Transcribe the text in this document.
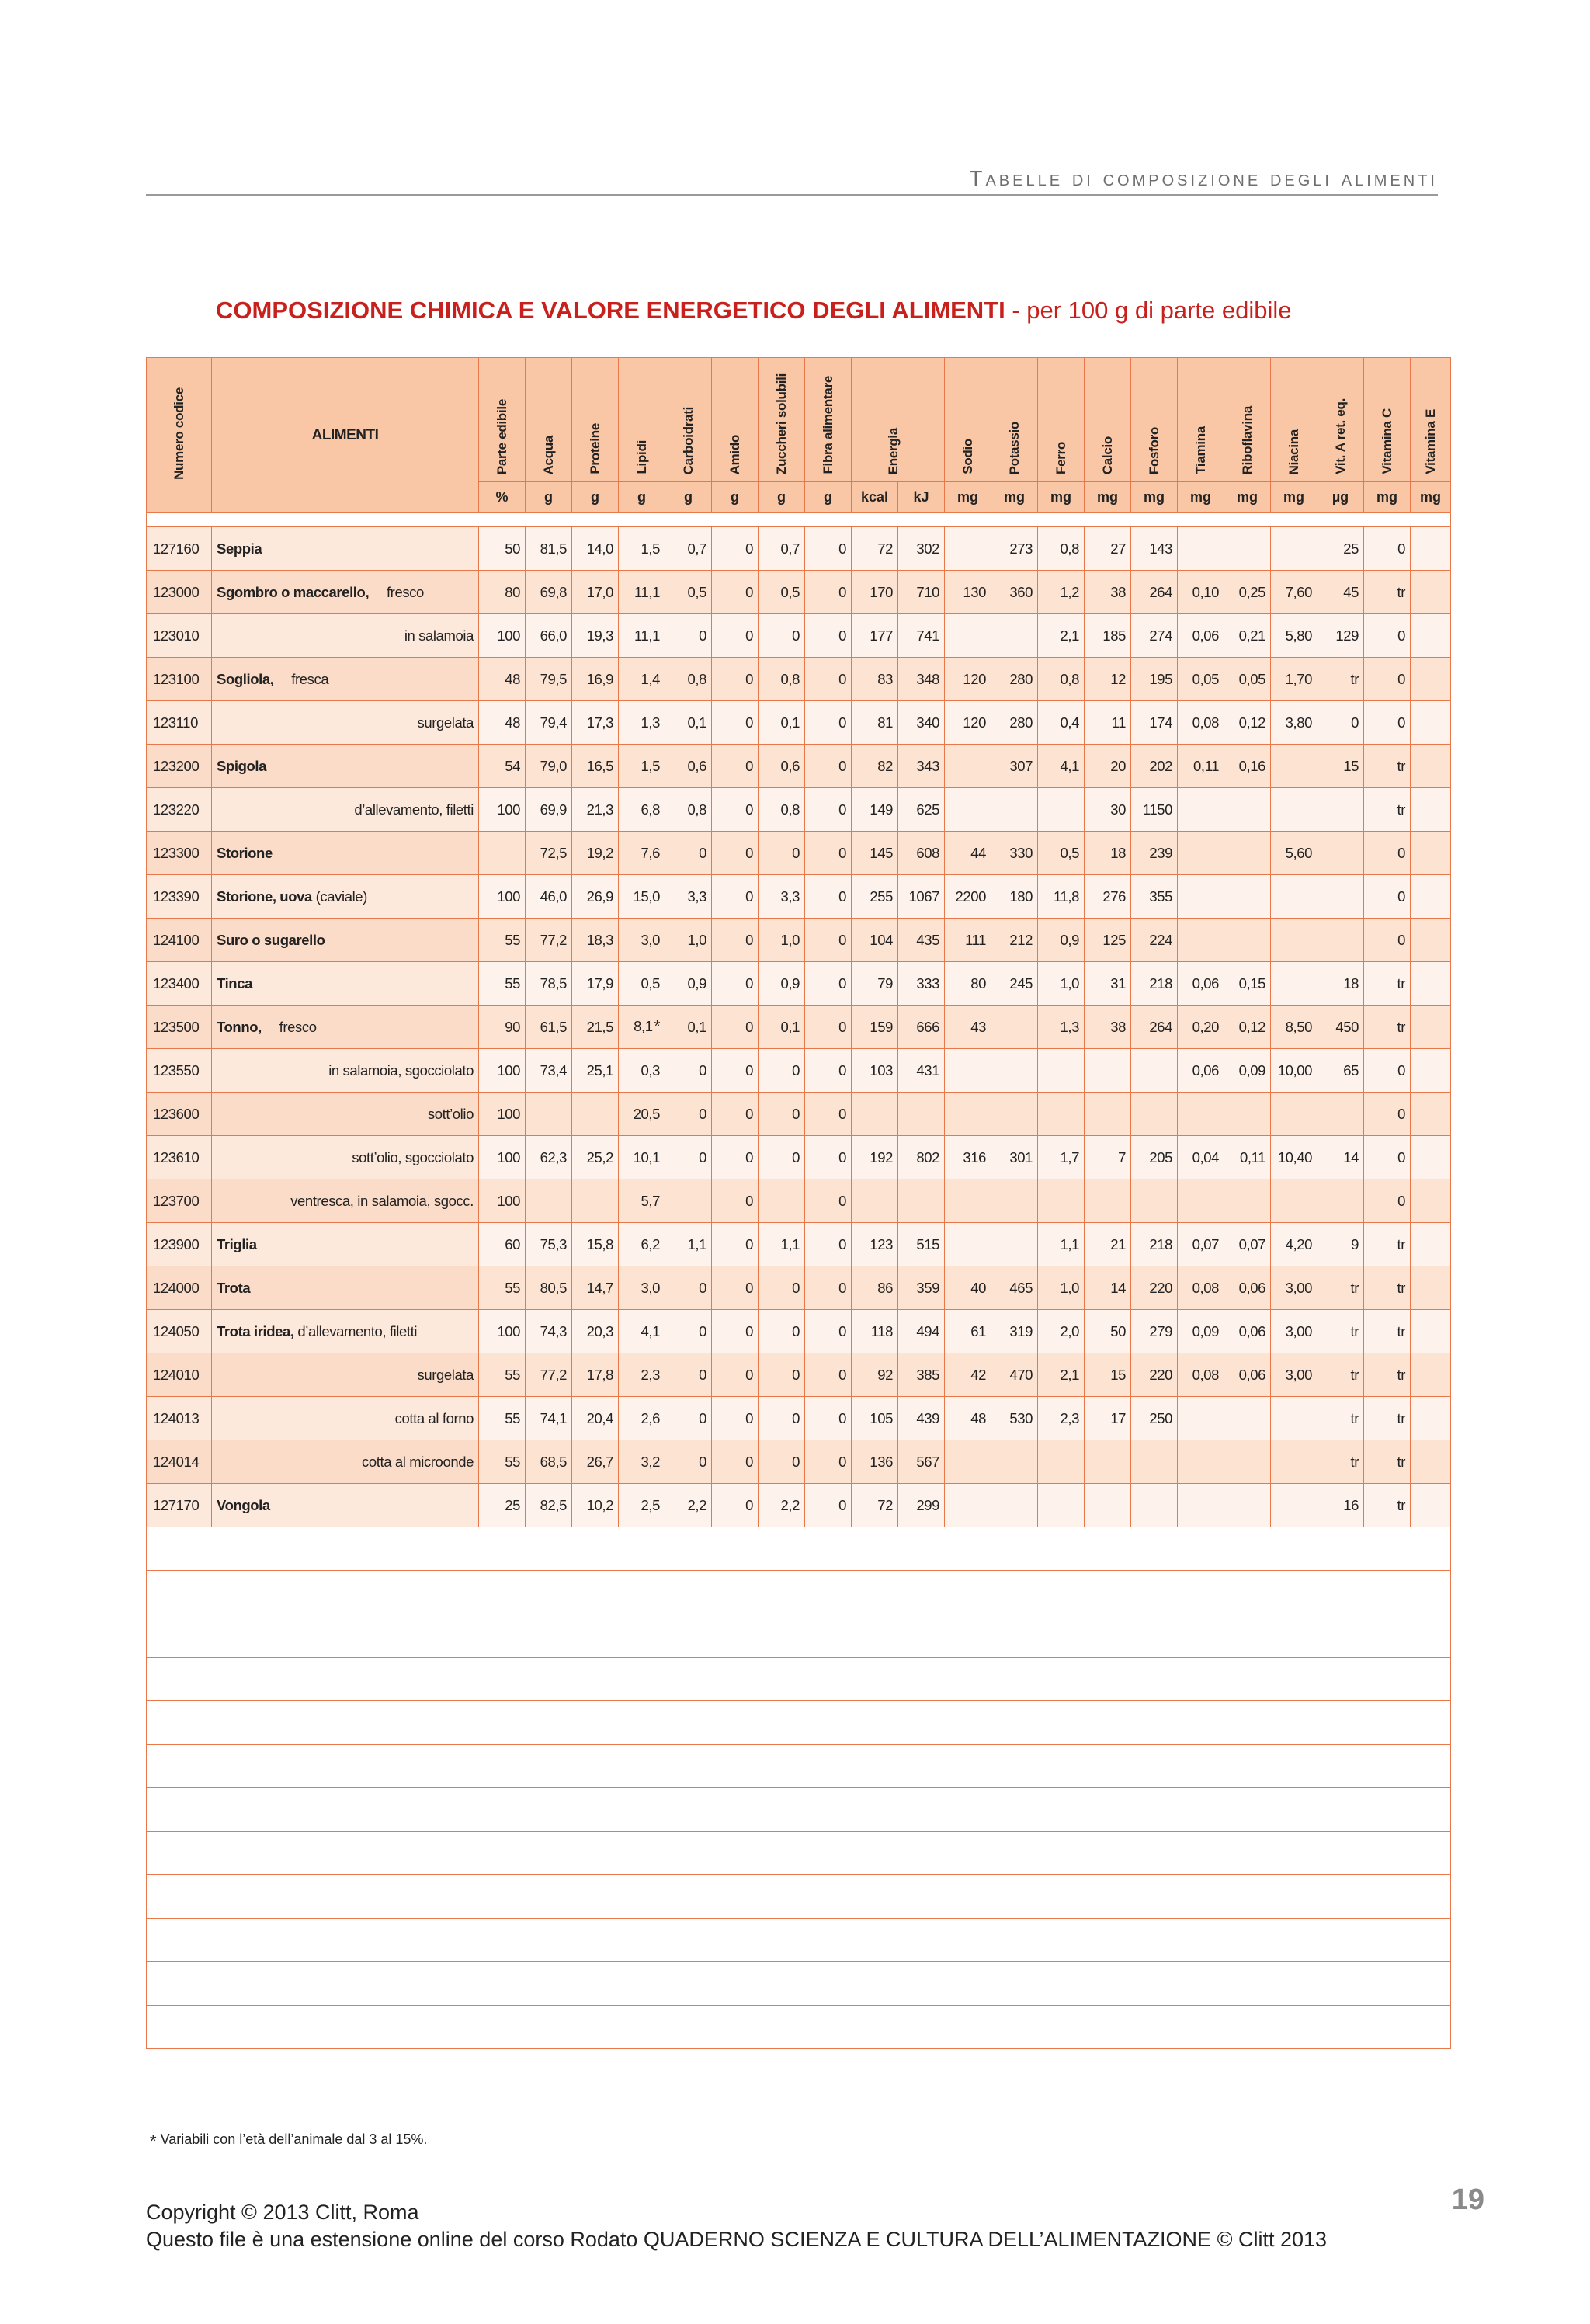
Tabelle di composizione degli alimenti
COMPOSIZIONE CHIMICA E VALORE ENERGETICO DEGLI ALIMENTI - per 100 g di parte edibile
Numero codice	ALIMENTI	Parte edibile	Acqua	Proteine	Lipidi	Carboidrati	Amido	Zuccheri solubili	Fibra alimentare	Energia		Sodio	Potassio	Ferro	Calcio	Fosforo	Tiamina	Riboflavina	Niacina	Vit. A ret. eq.	Vitamina C	Vitamina E
		%	g	g	g	g	g	g	g	kcal	kJ	mg	mg	mg	mg	mg	mg	mg	mg	µg	mg	mg

127160	Seppia	50	81,5	14,0	1,5	0,7	0	0,7	0	72	302		273	0,8	27	143				25	0	
123000	Sgombro o maccarello, fresco	80	69,8	17,0	11,1	0,5	0	0,5	0	170	710	130	360	1,2	38	264	0,10	0,25	7,60	45	tr	
123010	in salamoia	100	66,0	19,3	11,1	0	0	0	0	177	741			2,1	185	274	0,06	0,21	5,80	129	0	
123100	Sogliola, fresca	48	79,5	16,9	1,4	0,8	0	0,8	0	83	348	120	280	0,8	12	195	0,05	0,05	1,70	tr	0	
123110	surgelata	48	79,4	17,3	1,3	0,1	0	0,1	0	81	340	120	280	0,4	11	174	0,08	0,12	3,80	0	0	
123200	Spigola	54	79,0	16,5	1,5	0,6	0	0,6	0	82	343		307	4,1	20	202	0,11	0,16		15	tr	
123220	d’allevamento, filetti	100	69,9	21,3	6,8	0,8	0	0,8	0	149	625				30	1150					tr	
123300	Storione		72,5	19,2	7,6	0	0	0	0	145	608	44	330	0,5	18	239			5,60		0	
123390	Storione, uova (caviale)	100	46,0	26,9	15,0	3,3	0	3,3	0	255	1067	2200	180	11,8	276	355					0	
124100	Suro o sugarello	55	77,2	18,3	3,0	1,0	0	1,0	0	104	435	111	212	0,9	125	224					0	
123400	Tinca	55	78,5	17,9	0,5	0,9	0	0,9	0	79	333	80	245	1,0	31	218	0,06	0,15		18	tr	
123500	Tonno, fresco	90	61,5	21,5	8,1 *	0,1	0	0,1	0	159	666	43		1,3	38	264	0,20	0,12	8,50	450	tr	
123550	in salamoia, sgocciolato	100	73,4	25,1	0,3	0	0	0	0	103	431						0,06	0,09	10,00	65	0	
123600	sott’olio	100			20,5	0	0	0	0												0	
123610	sott’olio, sgocciolato	100	62,3	25,2	10,1	0	0	0	0	192	802	316	301	1,7	7	205	0,04	0,11	10,40	14	0	
123700	ventresca, in salamoia, sgocc.	100			5,7		0		0												0	
123900	Triglia	60	75,3	15,8	6,2	1,1	0	1,1	0	123	515			1,1	21	218	0,07	0,07	4,20	9	tr	
124000	Trota	55	80,5	14,7	3,0	0	0	0	0	86	359	40	465	1,0	14	220	0,08	0,06	3,00	tr	tr	
124050	Trota iridea, d’allevamento, filetti	100	74,3	20,3	4,1	0	0	0	0	118	494	61	319	2,0	50	279	0,09	0,06	3,00	tr	tr	
124010	surgelata	55	77,2	17,8	2,3	0	0	0	0	92	385	42	470	2,1	15	220	0,08	0,06	3,00	tr	tr	
124013	cotta al forno	55	74,1	20,4	2,6	0	0	0	0	105	439	48	530	2,3	17	250				tr	tr	
124014	cotta al microonde	55	68,5	26,7	3,2	0	0	0	0	136	567									tr	tr	
127170	Vongola	25	82,5	10,2	2,5	2,2	0	2,2	0	72	299									16	tr	

* Variabili con l’età dell’animale dal 3 al 15%.
Copyright © 2013 Clitt, Roma
Questo file è una estensione online del corso Rodato QUADERNO SCIENZA E CULTURA DELL’ALIMENTAZIONE © Clitt 2013
19
